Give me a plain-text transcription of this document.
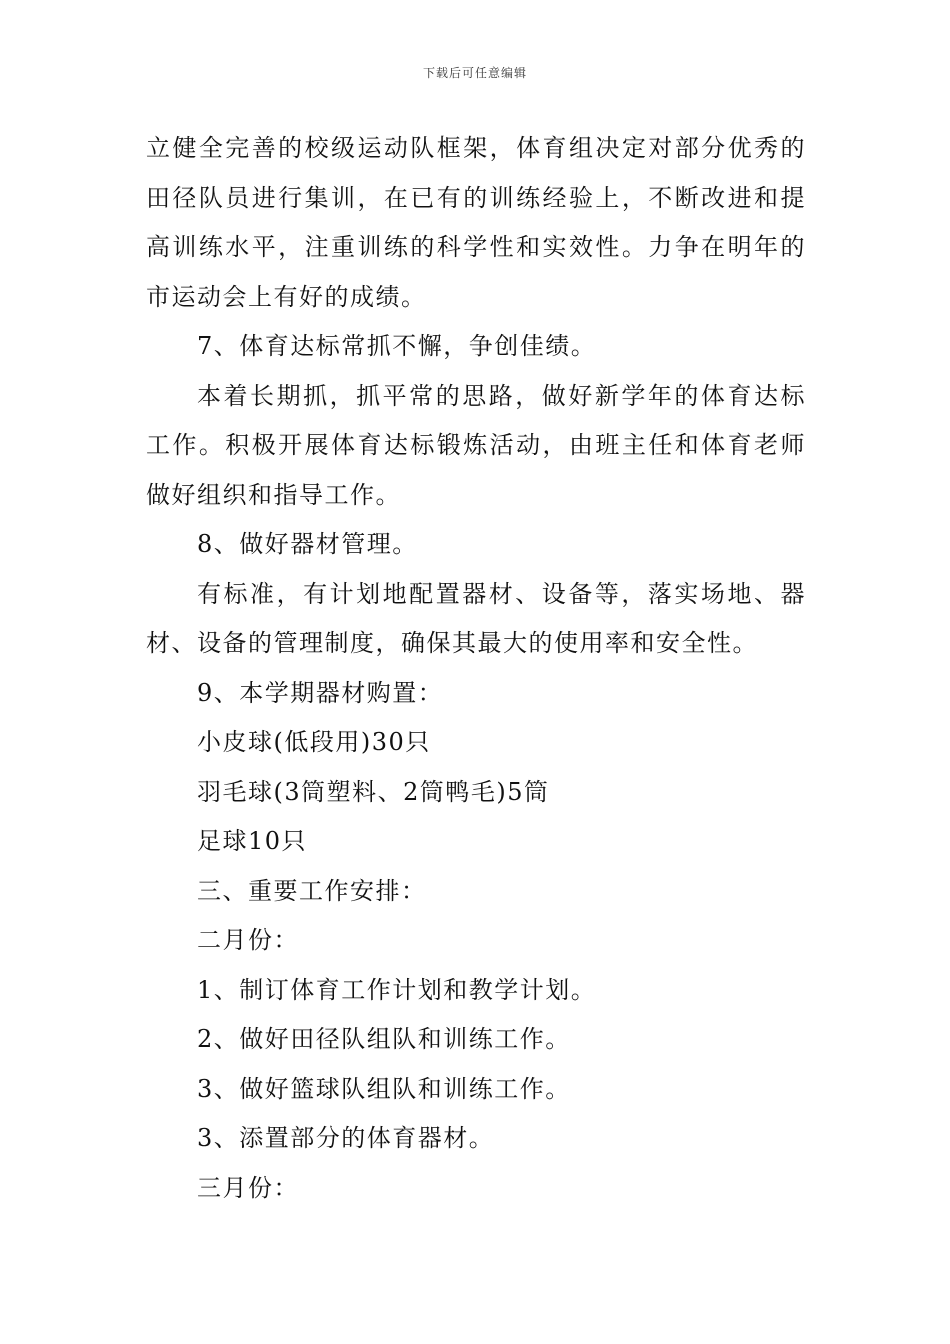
下载后可任意编辑

立健全完善的校级运动队框架，体育组决定对部分优秀的田径队员进行集训，在已有的训练经验上，不断改进和提高训练水平，注重训练的科学性和实效性。力争在明年的市运动会上有好的成绩。

7、体育达标常抓不懈，争创佳绩。

本着长期抓，抓平常的思路，做好新学年的体育达标工作。积极开展体育达标锻炼活动，由班主任和体育老师做好组织和指导工作。

8、做好器材管理。

有标准，有计划地配置器材、设备等，落实场地、器材、设备的管理制度，确保其最大的使用率和安全性。

9、本学期器材购置：

小皮球(低段用)30只

羽毛球(3筒塑料、2筒鸭毛)5筒

足球10只

三、重要工作安排：

二月份：

1、制订体育工作计划和教学计划。

2、做好田径队组队和训练工作。

3、做好篮球队组队和训练工作。

3、添置部分的体育器材。

三月份：
